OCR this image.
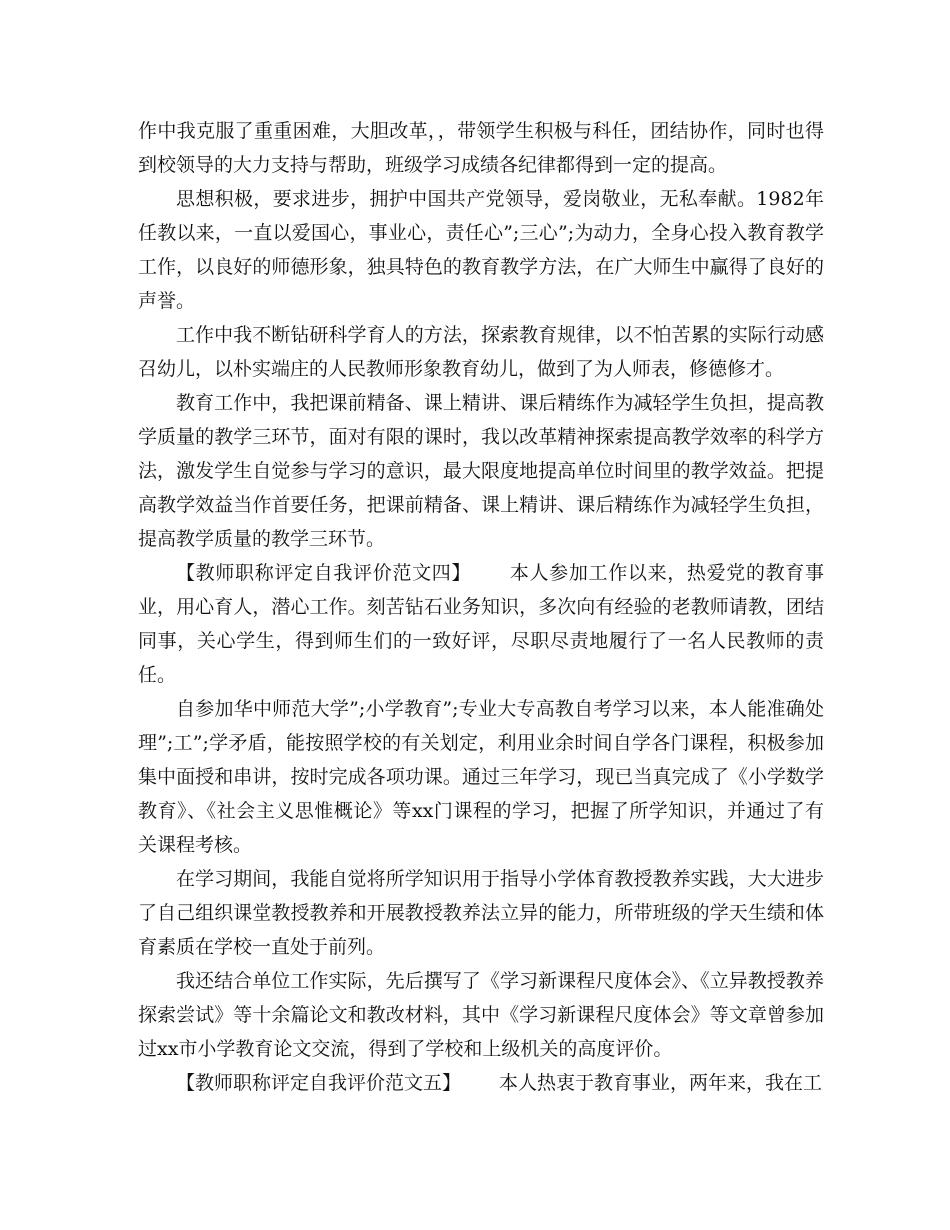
作中我克服了重重困难，大胆改革，，带领学生积极与科任，团结协作，同时也得到校领导的大力支持与帮助，班级学习成绩各纪律都得到一定的提高。

思想积极，要求进步，拥护中国共产党领导，爱岗敬业，无私奉献。1982年任教以来，一直以爱国心，事业心，责任心”;三心”;为动力，全身心投入教育教学工作，以良好的师德形象，独具特色的教育教学方法，在广大师生中赢得了良好的声誉。

工作中我不断钻研科学育人的方法，探索教育规律，以不怕苦累的实际行动感召幼儿，以朴实端庄的人民教师形象教育幼儿，做到了为人师表，修德修才。

教育工作中，我把课前精备、课上精讲、课后精练作为减轻学生负担，提高教学质量的教学三环节，面对有限的课时，我以改革精神探索提高教学效率的科学方法，激发学生自觉参与学习的意识，最大限度地提高单位时间里的教学效益。把提高教学效益当作首要任务，把课前精备、课上精讲、课后精练作为减轻学生负担，提高教学质量的教学三环节。

【教师职称评定自我评价范文四】 本人参加工作以来，热爱党的教育事业，用心育人，潜心工作。刻苦钻石业务知识，多次向有经验的老教师请教，团结同事，关心学生，得到师生们的一致好评，尽职尽责地履行了一名人民教师的责任。

自参加华中师范大学”;小学教育”;专业大专高教自考学习以来，本人能准确处理”;工”;学矛盾，能按照学校的有关划定，利用业余时间自学各门课程，积极参加集中面授和串讲，按时完成各项功课。通过三年学习，现已当真完成了《小学数学教育》、《社会主义思惟概论》等xx门课程的学习，把握了所学知识，并通过了有关课程考核。

在学习期间，我能自觉将所学知识用于指导小学体育教授教养实践，大大进步了自己组织课堂教授教养和开展教授教养法立异的能力，所带班级的学天生绩和体育素质在学校一直处于前列。

我还结合单位工作实际，先后撰写了《学习新课程尺度体会》、《立异教授教养探索尝试》等十余篇论文和教改材料，其中《学习新课程尺度体会》等文章曾参加过xx市小学教育论文交流，得到了学校和上级机关的高度评价。

【教师职称评定自我评价范文五】 本人热衷于教育事业，两年来，我在工
